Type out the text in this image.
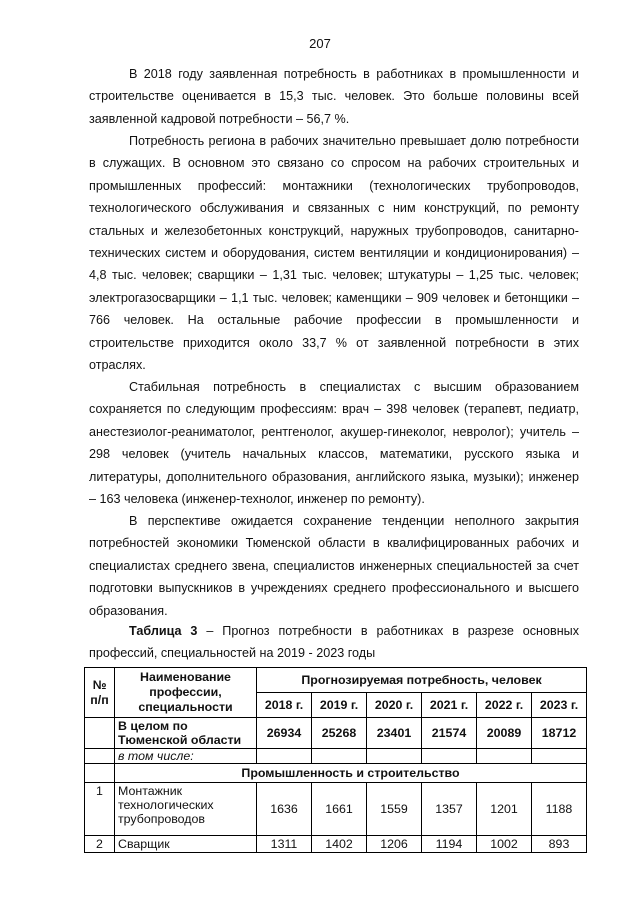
207

В 2018 году заявленная потребность в работниках в промышленности и строительстве оценивается в 15,3 тыс. человек. Это больше половины всей заявленной кадровой потребности – 56,7 %.

Потребность региона в рабочих значительно превышает долю потребности в служащих. В основном это связано со спросом на рабочих строительных и промышленных профессий: монтажники (технологических трубопроводов, технологического обслуживания и связанных с ним конструкций, по ремонту стальных и железобетонных конструкций, наружных трубопроводов, санитарно-технических систем и оборудования, систем вентиляции и кондиционирования) – 4,8 тыс. человек; сварщики – 1,31 тыс. человек; штукатуры – 1,25 тыс. человек; электрогазосварщики – 1,1 тыс. человек; каменщики – 909 человек и бетонщики – 766 человек. На остальные рабочие профессии в промышленности и строительстве приходится около 33,7 % от заявленной потребности в этих отраслях.

Стабильная потребность в специалистах с высшим образованием сохраняется по следующим профессиям: врач – 398 человек (терапевт, педиатр, анестезиолог-реаниматолог, рентгенолог, акушер-гинеколог, невролог); учитель – 298 человек (учитель начальных классов, математики, русского языка и литературы, дополнительного образования, английского языка, музыки); инженер – 163 человека (инженер-технолог, инженер по ремонту).

В перспективе ожидается сохранение тенденции неполного закрытия потребностей экономики Тюменской области в квалифицированных рабочих и специалистах среднего звена, специалистов инженерных специальностей за счет подготовки выпускников в учреждениях среднего профессионального и высшего образования.

Таблица 3 – Прогноз потребности в работниках в разрезе основных профессий, специальностей на 2019 - 2023 годы
№ п/п	Наименование профессии, специальности	Прогнозируемая потребность, человек					
		2018 г.	2019 г.	2020 г.	2021 г.	2022 г.	2023 г.
	В целом по Тюменской области	26934	25268	23401	21574	20089	18712
	в том числе:						
	Промышленность и строительство						
1	Монтажник технологических трубопроводов	1636	1661	1559	1357	1201	1188
2	Сварщик	1311	1402	1206	1194	1002	893
